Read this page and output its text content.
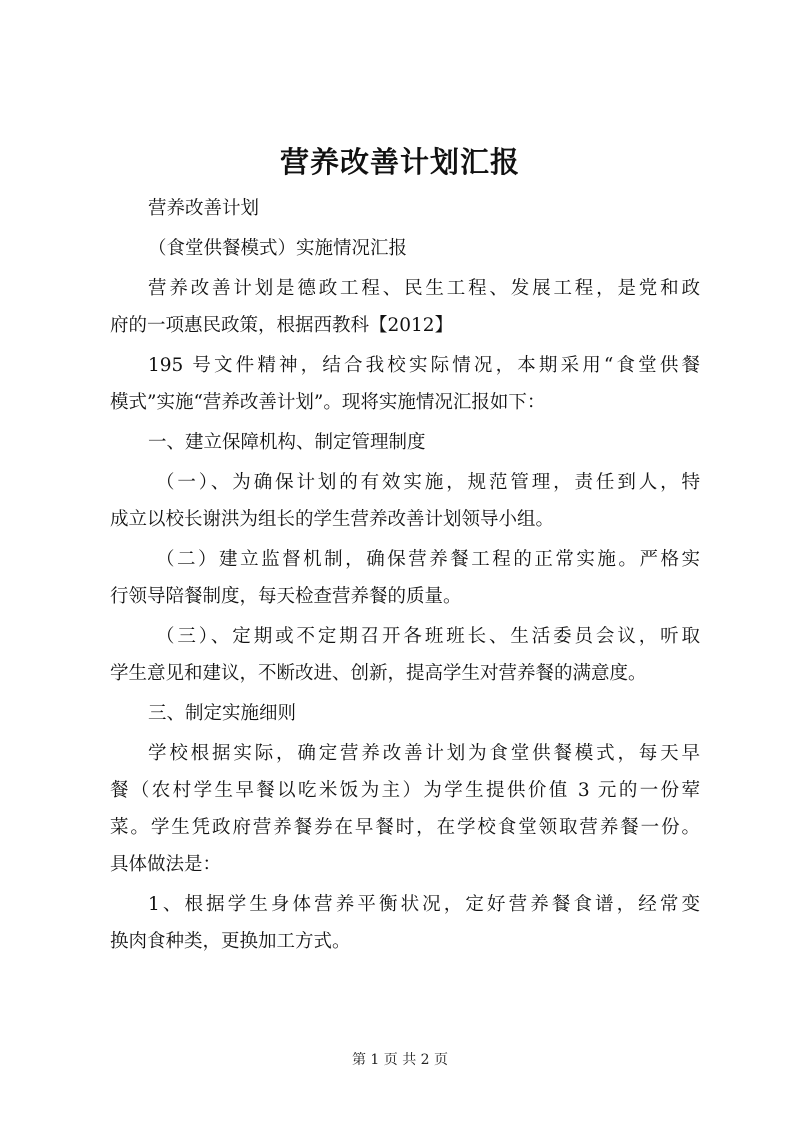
营养改善计划汇报

营养改善计划

（食堂供餐模式）实施情况汇报

营养改善计划是德政工程、民生工程、发展工程，是党和政
府的一项惠民政策，根据西教科【2012】

195 号文件精神，结合我校实际情况，本期采用“食堂供餐
模式”实施“营养改善计划”。现将实施情况汇报如下：

一、建立保障机构、制定管理制度

（一）、为确保计划的有效实施，规范管理，责任到人，特
成立以校长谢洪为组长的学生营养改善计划领导小组。

（二）建立监督机制，确保营养餐工程的正常实施。严格实
行领导陪餐制度，每天检查营养餐的质量。

（三）、定期或不定期召开各班班长、生活委员会议，听取
学生意见和建议，不断改进、创新，提高学生对营养餐的满意度。

三、制定实施细则

学校根据实际，确定营养改善计划为食堂供餐模式，每天早
餐（农村学生早餐以吃米饭为主）为学生提供价值 3 元的一份荤
菜。学生凭政府营养餐券在早餐时，在学校食堂领取营养餐一份。
具体做法是：

1、根据学生身体营养平衡状况，定好营养餐食谱，经常变
换肉食种类，更换加工方式。

第 1 页 共 2 页
